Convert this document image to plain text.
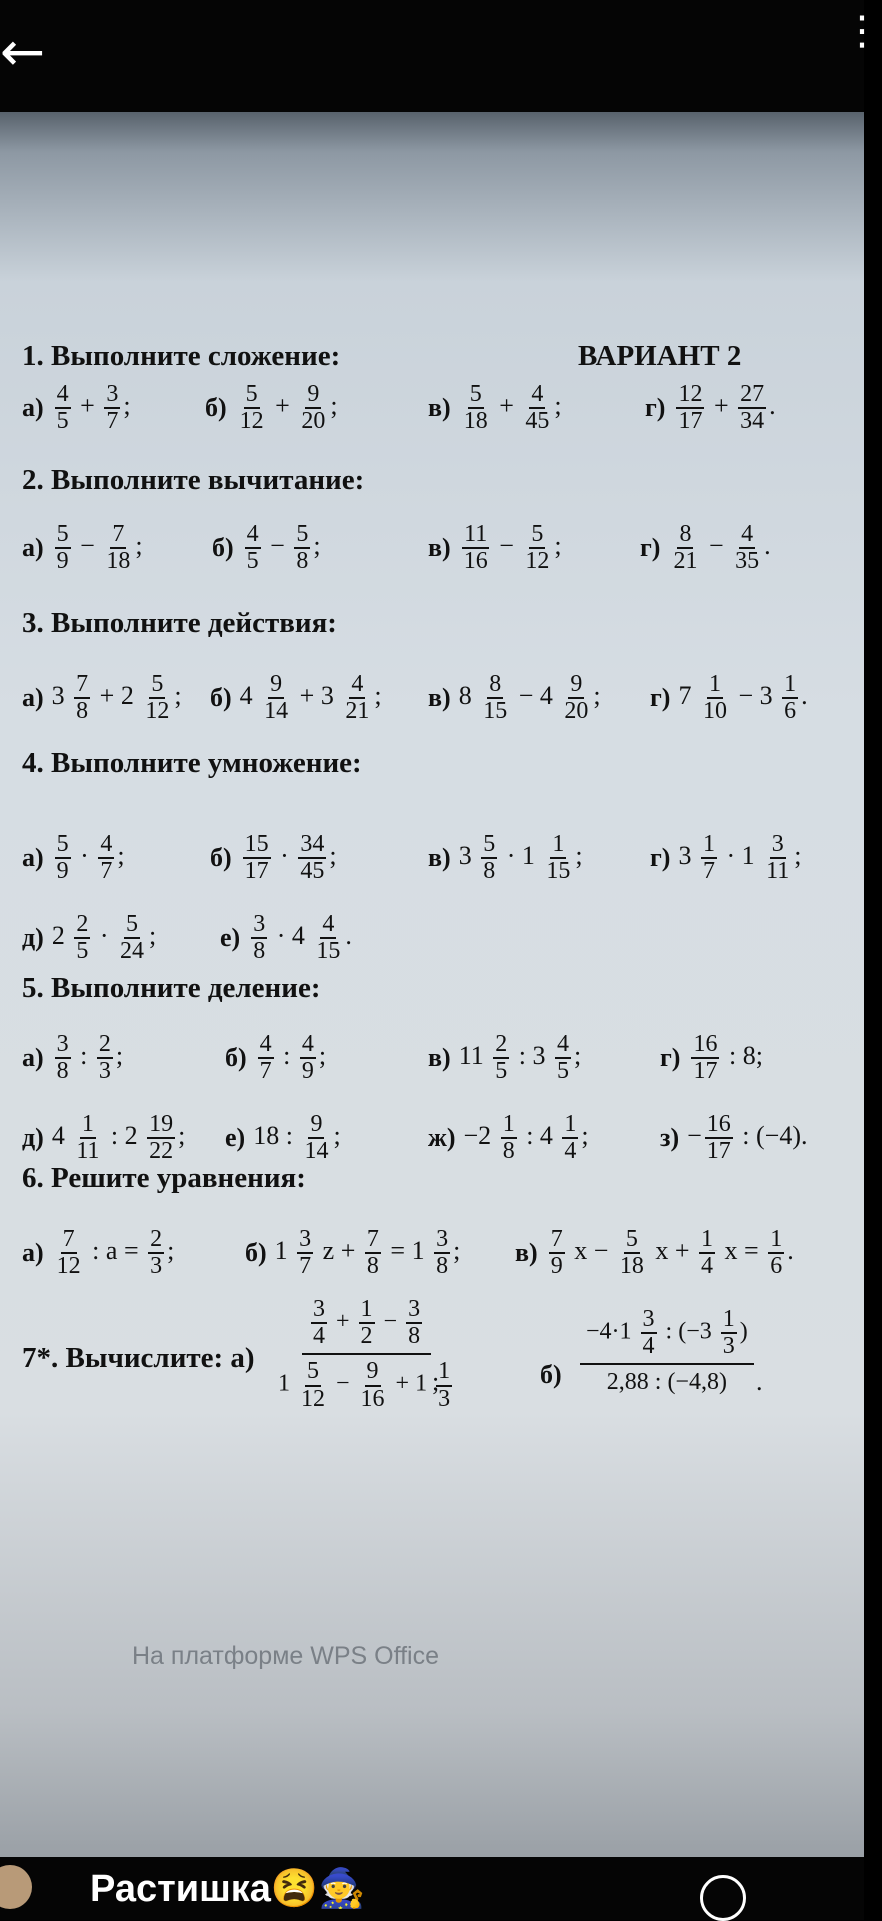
←	⋮
ВАРИАНТ 2
На платформе WPS Office
1. Выполните сложение:
$а) \frac{4}{5} + \frac{3}{7}$ ;	$б) \frac{5}{12} + \frac{9}{20}$ ;	$в) \frac{5}{18} + \frac{4}{45}$ ;	$г) \frac{12}{17} + \frac{27}{34}$ .
2. Выполните вычитание:
$а) \frac{5}{9} - \frac{7}{18}$ ;	$б) \frac{4}{5} - \frac{5}{8}$ ;	$в) \frac{11}{16} - \frac{5}{12}$ ;	$г) \frac{8}{21} - \frac{4}{35}$ .
3. Выполните действия:
а) $3 \frac{7}{8} + 2 \frac{5}{12}$ ; б) $4 \frac{9}{14} + 3 \frac{4}{21}$ ; в) $8 \frac{8}{15} - 4 \frac{9}{20}$ ; г) $7 \frac{1}{10} - 3 \frac{1}{6}$ .
4. Выполните умножение:
$а) \frac{5}{9} \cdot \frac{4}{7}$ ;	$б) \frac{15}{17} \cdot \frac{34}{45}$ ;	в) $3 \frac{5}{8} \cdot 1 \frac{1}{15}$ ;	г) $3 \frac{1}{7} \cdot 1 \frac{3}{11}$ ;
д) $2 \frac{2}{5} \cdot \frac{5}{24}$ ; $е) \frac{3}{8} \cdot 4 \frac{4}{15}$ .
5. Выполните деление:
$а) \frac{3}{8}$ : $\frac{2}{3}$ ;	$б) \frac{4}{7}$ : $\frac{4}{9}$ ;	в) $11 \frac{2}{5}$ : $3 \frac{4}{5}$ ;	$г) \frac{16}{17}$ : 8;
д) $4 \frac{1}{11}$ : $2 \frac{19}{22}$ ; е) 18 : $\frac{9}{14}$ ;	$ж) -2 \frac{1}{8}$ : $4 \frac{1}{4}$ ;	$з) - \frac{16}{17}$ : (−4).
6. Решите уравнения:
$а) \frac{7}{12}$ : $a = \frac{2}{3}$ ;	б) $1 \frac{3}{7}$ $z + \frac{7}{8} = 1 \frac{3}{8}$ ; $в) \frac{7}{9}$ $x - \frac{5}{18}$ $x + \frac{1}{4}$ $x = \frac{1}{6}$ .
7*. Вычислите: а)
$\frac{3}{4} + \frac{1}{2} - \frac{3}{8}$
$1 \frac{5}{12} - \frac{9}{16} + 1 \frac{1}{3}$
;	б)
$-4\cdot 1 \frac{3}{4}$ : ($-3 \frac{1}{3}$ )
2,88 : (−4,8) .
Растишка😫🧙
